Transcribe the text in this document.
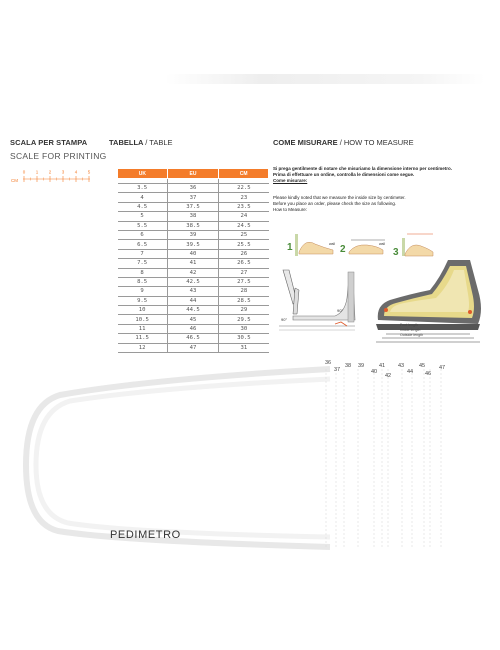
SCALA PER STAMPA
SCALE FOR PRINTING
CM
0 1 2 3 4 5
TABELLA / TABLE
UK	EU	CM

3.5	36	22.5
4	37	23
4.5	37.5	23.5
5	38	24
5.5	38.5	24.5
6	39	25
6.5	39.5	25.5
7	40	26
7.5	41	26.5
8	42	27
8.5	42.5	27.5
9	43	28
9.5	44	28.5
10	44.5	29
10.5	45	29.5
11	46	30
11.5	46.5	30.5
12	47	31
COME MISURARE / HOW TO MEASURE
Si prega gentilmente di notare che misuriamo la dimensione interno per centimetro.
Prima di effettuare un ordine, controlla le dimensioni come segue.
Come misurare:
Please kindly noted that we measure the inside size by centimeter.
Before you place an order, please check the size as following.
How to Measure:
1	wall 2	wall
3
90°
90°
Foot length
Inside length
Outside length
PEDIMETRO
36
37
38 39
40
41
42
43
44
45
46
47
